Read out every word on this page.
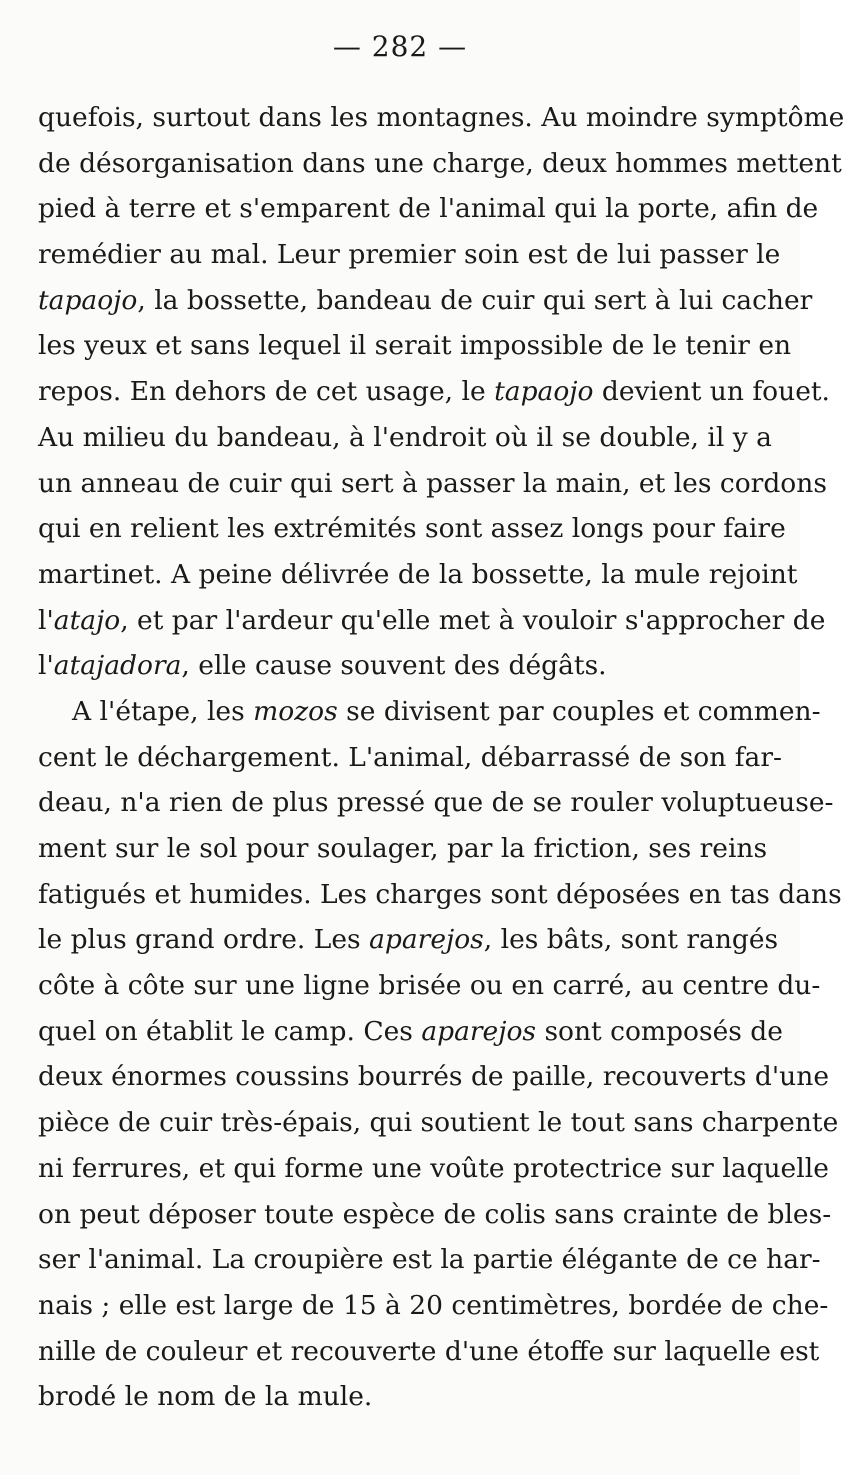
— 282 —
quefois, surtout dans les montagnes. Au moindre symptôme
de désorganisation dans une charge, deux hommes mettent
pied à terre et s'emparent de l'animal qui la porte, afin de
remédier au mal. Leur premier soin est de lui passer le
tapaojo, la bossette, bandeau de cuir qui sert à lui cacher
les yeux et sans lequel il serait impossible de le tenir en
repos. En dehors de cet usage, le tapaojo devient un fouet.
Au milieu du bandeau, à l'endroit où il se double, il y a
un anneau de cuir qui sert à passer la main, et les cordons
qui en relient les extrémités sont assez longs pour faire
martinet. A peine délivrée de la bossette, la mule rejoint
l'atajo, et par l'ardeur qu'elle met à vouloir s'approcher de
l'atajadora, elle cause souvent des dégâts.
A l'étape, les mozos se divisent par couples et commen-
cent le déchargement. L'animal, débarrassé de son far-
deau, n'a rien de plus pressé que de se rouler voluptueuse-
ment sur le sol pour soulager, par la friction, ses reins
fatigués et humides. Les charges sont déposées en tas dans
le plus grand ordre. Les aparejos, les bâts, sont rangés
côte à côte sur une ligne brisée ou en carré, au centre du-
quel on établit le camp. Ces aparejos sont composés de
deux énormes coussins bourrés de paille, recouverts d'une
pièce de cuir très-épais, qui soutient le tout sans charpente
ni ferrures, et qui forme une voûte protectrice sur laquelle
on peut déposer toute espèce de colis sans crainte de bles-
ser l'animal. La croupière est la partie élégante de ce har-
nais ; elle est large de 15 à 20 centimètres, bordée de che-
nille de couleur et recouverte d'une étoffe sur laquelle est
brodé le nom de la mule.
